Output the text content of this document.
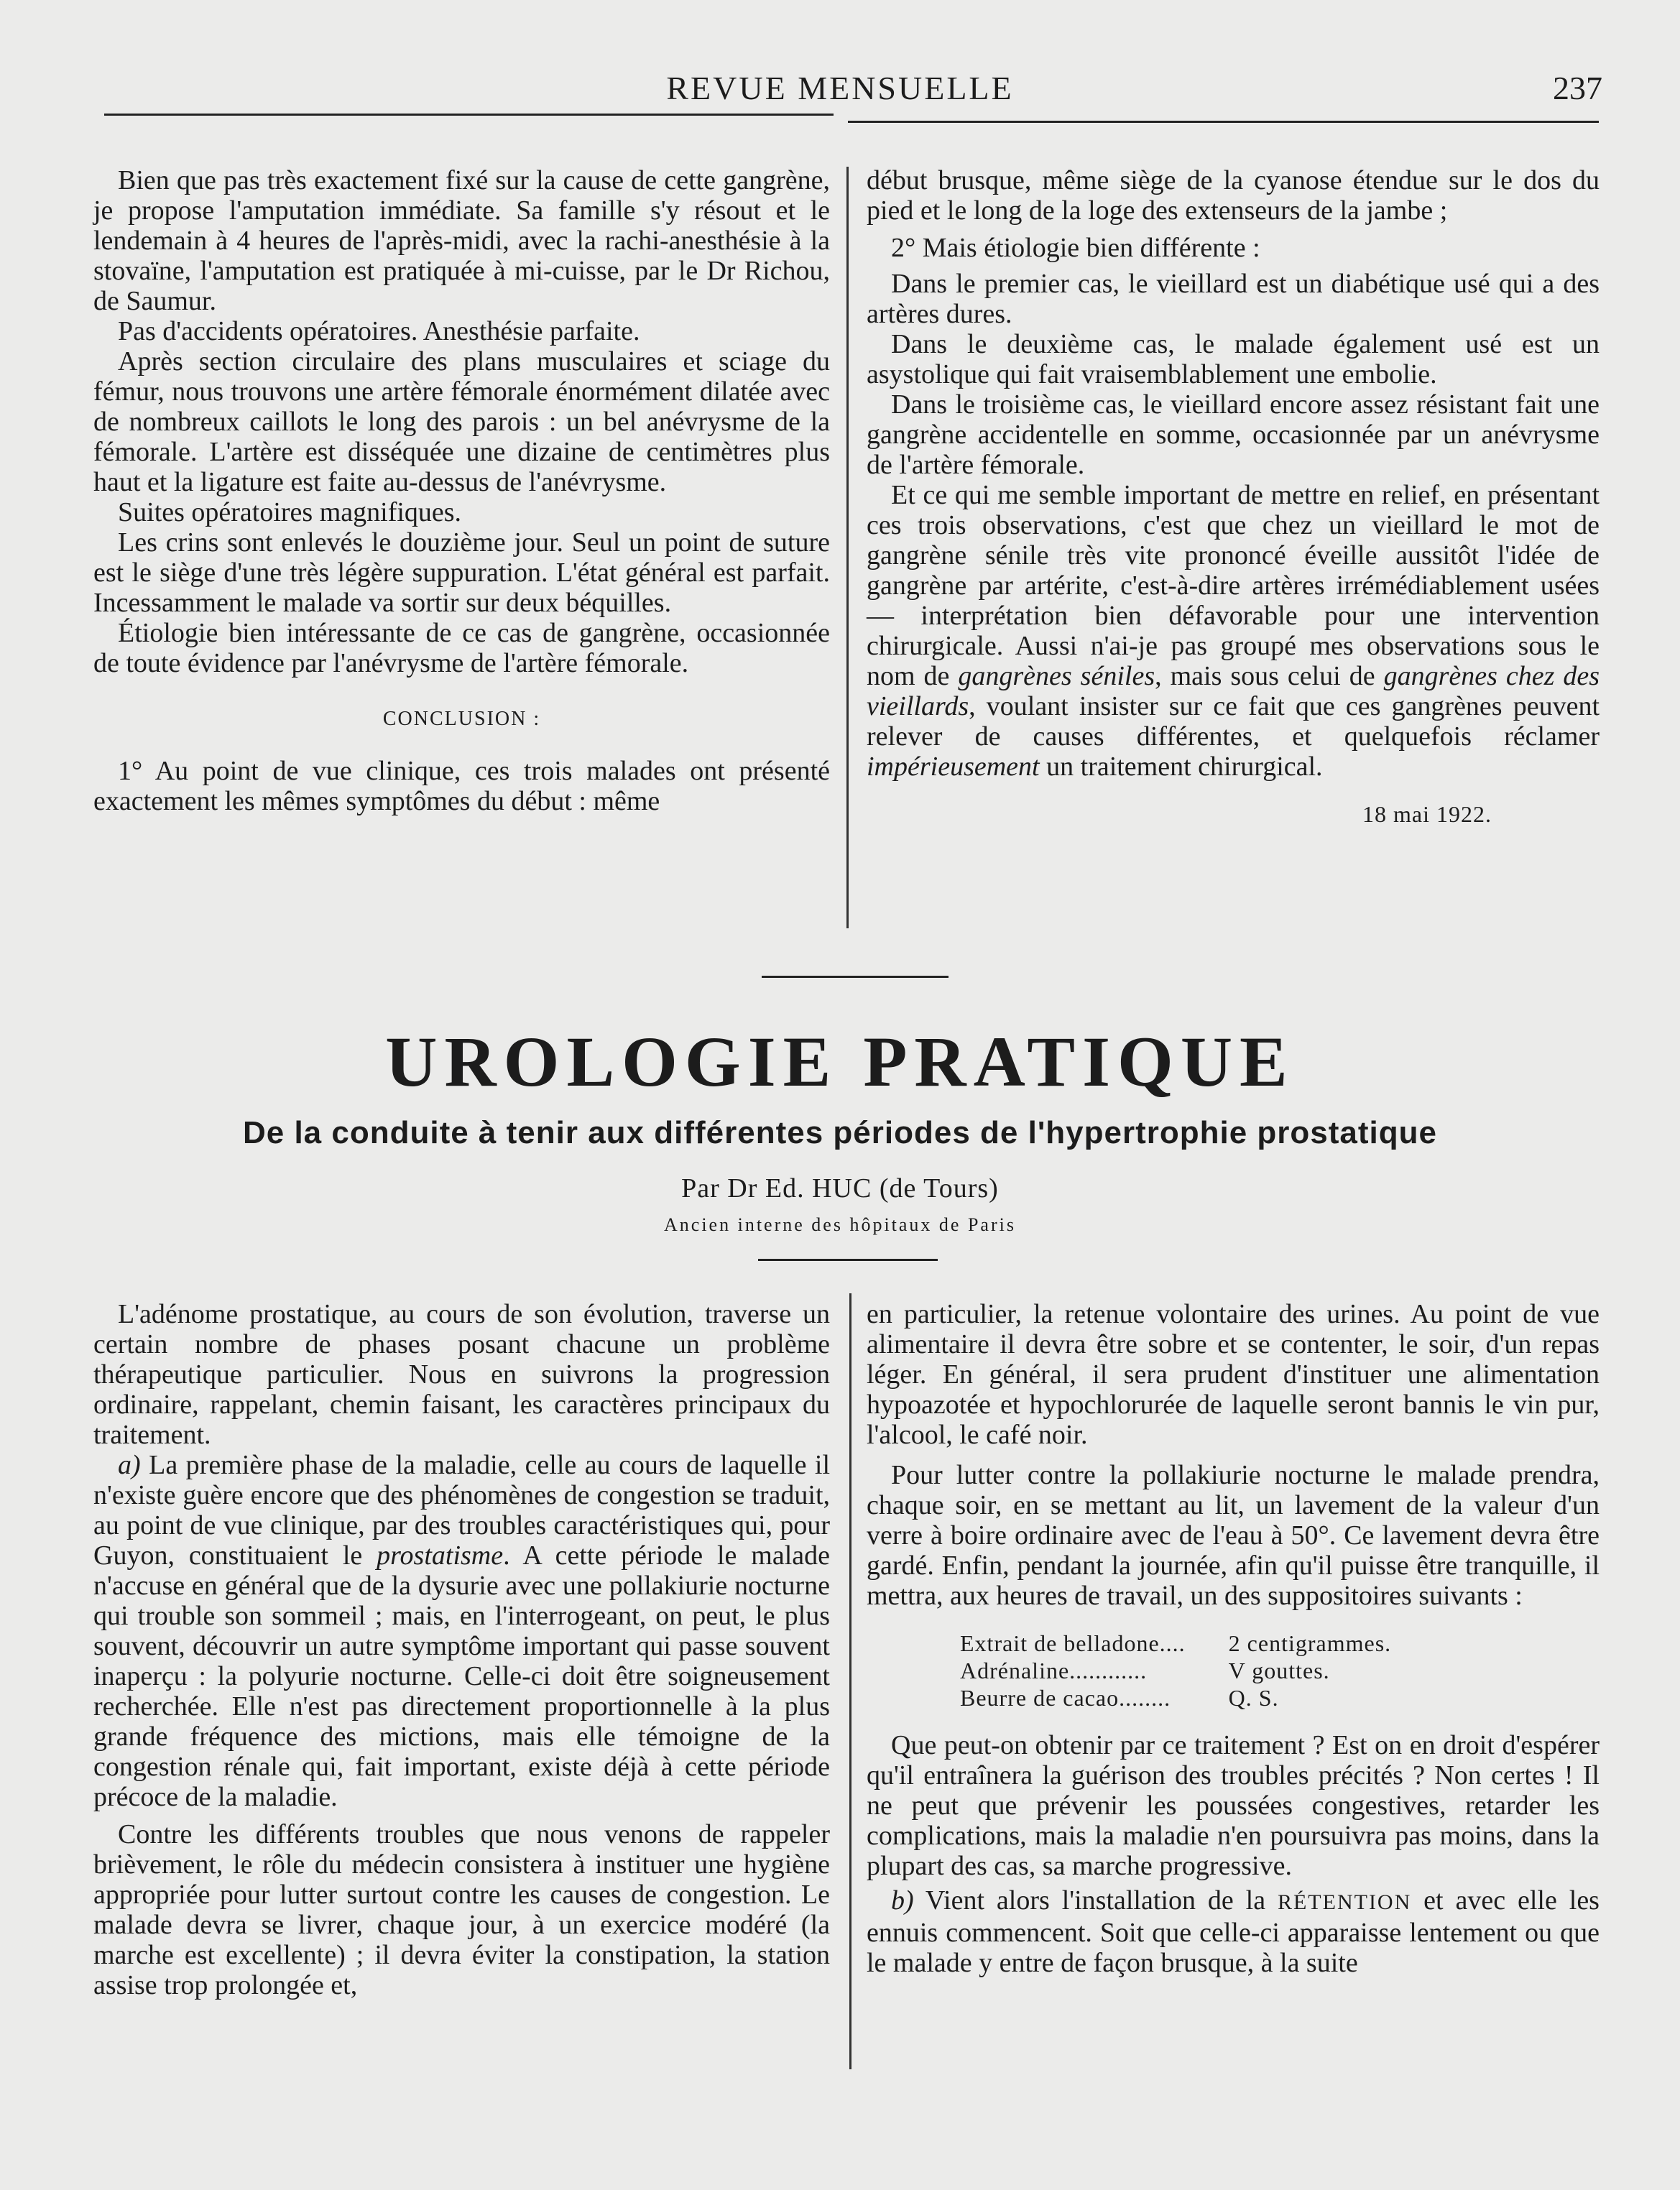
REVUE MENSUELLE	237

Bien que pas très exactement fixé sur la cause de cette gangrène, je propose l'amputation immédiate. Sa famille s'y résout et le lendemain à 4 heures de l'après-midi, avec la rachi-anesthésie à la stovaïne, l'amputation est pratiquée à mi-cuisse, par le Dr Richou, de Saumur.

Pas d'accidents opératoires. Anesthésie parfaite.

Après section circulaire des plans musculaires et sciage du fémur, nous trouvons une artère fémorale énormément dilatée avec de nombreux caillots le long des parois : un bel anévrysme de la fémorale. L'artère est disséquée une dizaine de centimètres plus haut et la ligature est faite au-dessus de l'anévrysme.

Suites opératoires magnifiques.

Les crins sont enlevés le douzième jour. Seul un point de suture est le siège d'une très légère suppuration. L'état général est parfait. Incessamment le malade va sortir sur deux béquilles.

Étiologie bien intéressante de ce cas de gangrène, occasionnée de toute évidence par l'anévrysme de l'artère fémorale.

CONCLUSION :

1° Au point de vue clinique, ces trois malades ont présenté exactement les mêmes symptômes du début : même

début brusque, même siège de la cyanose étendue sur le dos du pied et le long de la loge des extenseurs de la jambe ;

2° Mais étiologie bien différente :

Dans le premier cas, le vieillard est un diabétique usé qui a des artères dures.

Dans le deuxième cas, le malade également usé est un asystolique qui fait vraisemblablement une embolie.

Dans le troisième cas, le vieillard encore assez résistant fait une gangrène accidentelle en somme, occasionnée par un anévrysme de l'artère fémorale.

Et ce qui me semble important de mettre en relief, en présentant ces trois observations, c'est que chez un vieillard le mot de gangrène sénile très vite prononcé éveille aussitôt l'idée de gangrène par artérite, c'est-à-dire artères irrémédiablement usées — interprétation bien défavorable pour une intervention chirurgicale. Aussi n'ai-je pas groupé mes observations sous le nom de gangrènes séniles, mais sous celui de gangrènes chez des vieillards, voulant insister sur ce fait que ces gangrènes peuvent relever de causes différentes, et quelquefois réclamer impérieusement un traitement chirurgical.

18 mai 1922.
UROLOGIE PRATIQUE
De la conduite à tenir aux différentes périodes de l'hypertrophie prostatique
Par Dr Ed. HUC (de Tours)
Ancien interne des hôpitaux de Paris

L'adénome prostatique, au cours de son évolution, traverse un certain nombre de phases posant chacune un problème thérapeutique particulier. Nous en suivrons la progression ordinaire, rappelant, chemin faisant, les caractères principaux du traitement.

a) La première phase de la maladie, celle au cours de laquelle il n'existe guère encore que des phénomènes de congestion se traduit, au point de vue clinique, par des troubles caractéristiques qui, pour Guyon, constituaient le prostatisme. A cette période le malade n'accuse en général que de la dysurie avec une pollakiurie nocturne qui trouble son sommeil ; mais, en l'interrogeant, on peut, le plus souvent, découvrir un autre symptôme important qui passe souvent inaperçu : la polyurie nocturne. Celle-ci doit être soigneusement recherchée. Elle n'est pas directement proportionnelle à la plus grande fréquence des mictions, mais elle témoigne de la congestion rénale qui, fait important, existe déjà à cette période précoce de la maladie.

Contre les différents troubles que nous venons de rappeler brièvement, le rôle du médecin consistera à instituer une hygiène appropriée pour lutter surtout contre les causes de congestion. Le malade devra se livrer, chaque jour, à un exercice modéré (la marche est excellente) ; il devra éviter la constipation, la station assise trop prolongée et,

en particulier, la retenue volontaire des urines. Au point de vue alimentaire il devra être sobre et se contenter, le soir, d'un repas léger. En général, il sera prudent d'instituer une alimentation hypoazotée et hypochlorurée de laquelle seront bannis le vin pur, l'alcool, le café noir.

Pour lutter contre la pollakiurie nocturne le malade prendra, chaque soir, en se mettant au lit, un lavement de la valeur d'un verre à boire ordinaire avec de l'eau à 50°. Ce lavement devra être gardé. Enfin, pendant la journée, afin qu'il puisse être tranquille, il mettra, aux heures de travail, un des suppositoires suivants :

Extrait de belladone....	2 centigrammes.
Adrénaline............	V gouttes.
Beurre de cacao........	Q. S.

Que peut-on obtenir par ce traitement ? Est on en droit d'espérer qu'il entraînera la guérison des troubles précités ? Non certes ! Il ne peut que prévenir les poussées congestives, retarder les complications, mais la maladie n'en poursuivra pas moins, dans la plupart des cas, sa marche progressive.

b) Vient alors l'installation de la RÉTENTION et avec elle les ennuis commencent. Soit que celle-ci apparaisse lentement ou que le malade y entre de façon brusque, à la suite
